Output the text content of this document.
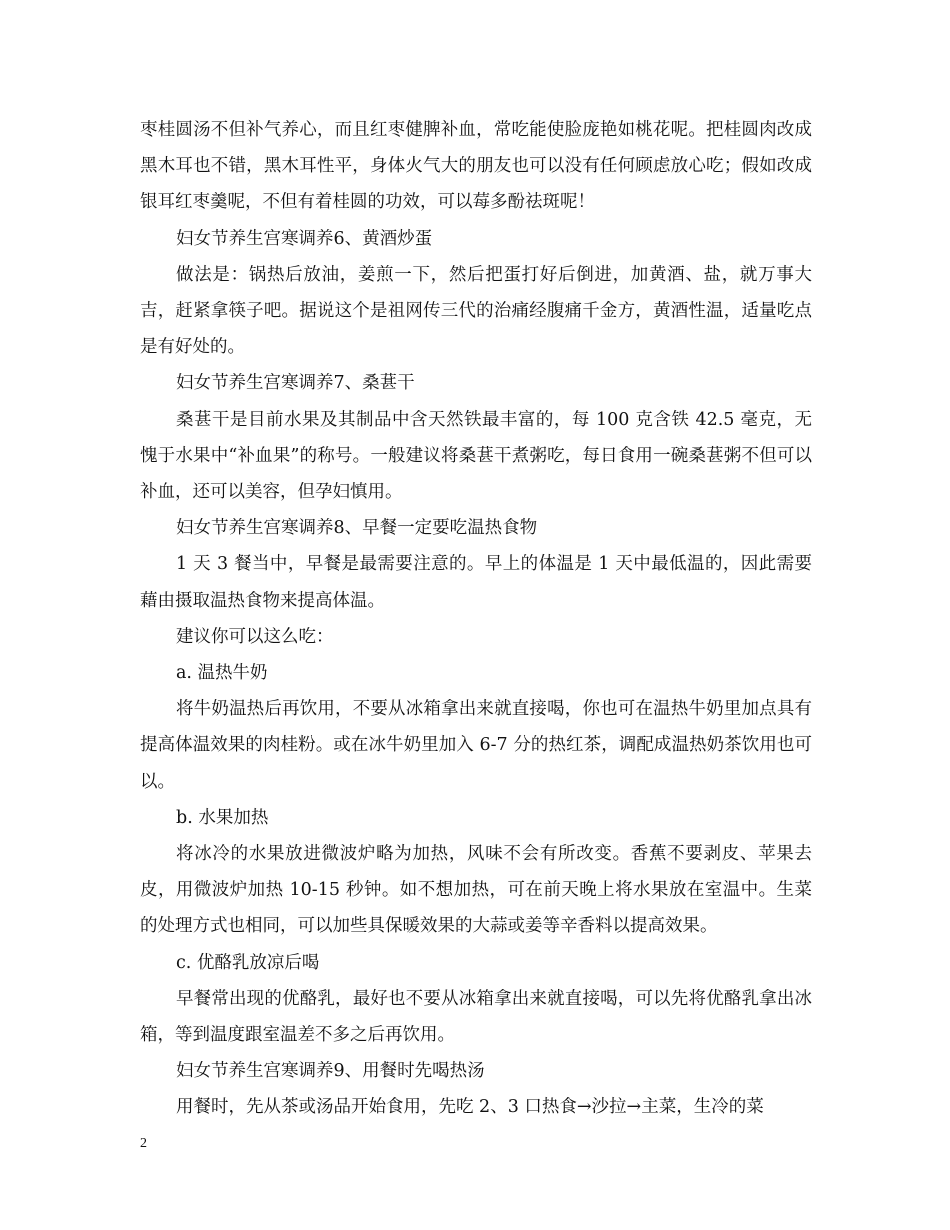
枣桂圆汤不但补气养心，而且红枣健脾补血，常吃能使脸庞艳如桃花呢。把桂圆肉改成黑木耳也不错，黑木耳性平，身体火气大的朋友也可以没有任何顾虑放心吃；假如改成银耳红枣羹呢，不但有着桂圆的功效，可以莓多酚祛斑呢！

妇女节养生宫寒调养6、黄酒炒蛋

做法是：锅热后放油，姜煎一下，然后把蛋打好后倒进，加黄酒、盐，就万事大吉，赶紧拿筷子吧。据说这个是祖网传三代的治痛经腹痛千金方，黄酒性温，适量吃点是有好处的。

妇女节养生宫寒调养7、桑葚干

桑葚干是目前水果及其制品中含天然铁最丰富的，每 100 克含铁 42.5 毫克，无愧于水果中“补血果”的称号。一般建议将桑葚干煮粥吃，每日食用一碗桑葚粥不但可以补血，还可以美容，但孕妇慎用。

妇女节养生宫寒调养8、早餐一定要吃温热食物

1 天 3 餐当中，早餐是最需要注意的。早上的体温是 1 天中最低温的，因此需要藉由摄取温热食物来提高体温。

建议你可以这么吃：

a. 温热牛奶

将牛奶温热后再饮用，不要从冰箱拿出来就直接喝，你也可在温热牛奶里加点具有提高体温效果的肉桂粉。或在冰牛奶里加入 6-7 分的热红茶，调配成温热奶茶饮用也可以。

b. 水果加热

将冰冷的水果放进微波炉略为加热，风味不会有所改变。香蕉不要剥皮、苹果去皮，用微波炉加热 10-15 秒钟。如不想加热，可在前天晚上将水果放在室温中。生菜的处理方式也相同，可以加些具保暖效果的大蒜或姜等辛香料以提高效果。

c. 优酪乳放凉后喝

早餐常出现的优酪乳，最好也不要从冰箱拿出来就直接喝，可以先将优酪乳拿出冰箱，等到温度跟室温差不多之后再饮用。

妇女节养生宫寒调养9、用餐时先喝热汤

用餐时，先从茶或汤品开始食用，先吃 2、3 口热食→沙拉→主菜，生冷的菜

2
